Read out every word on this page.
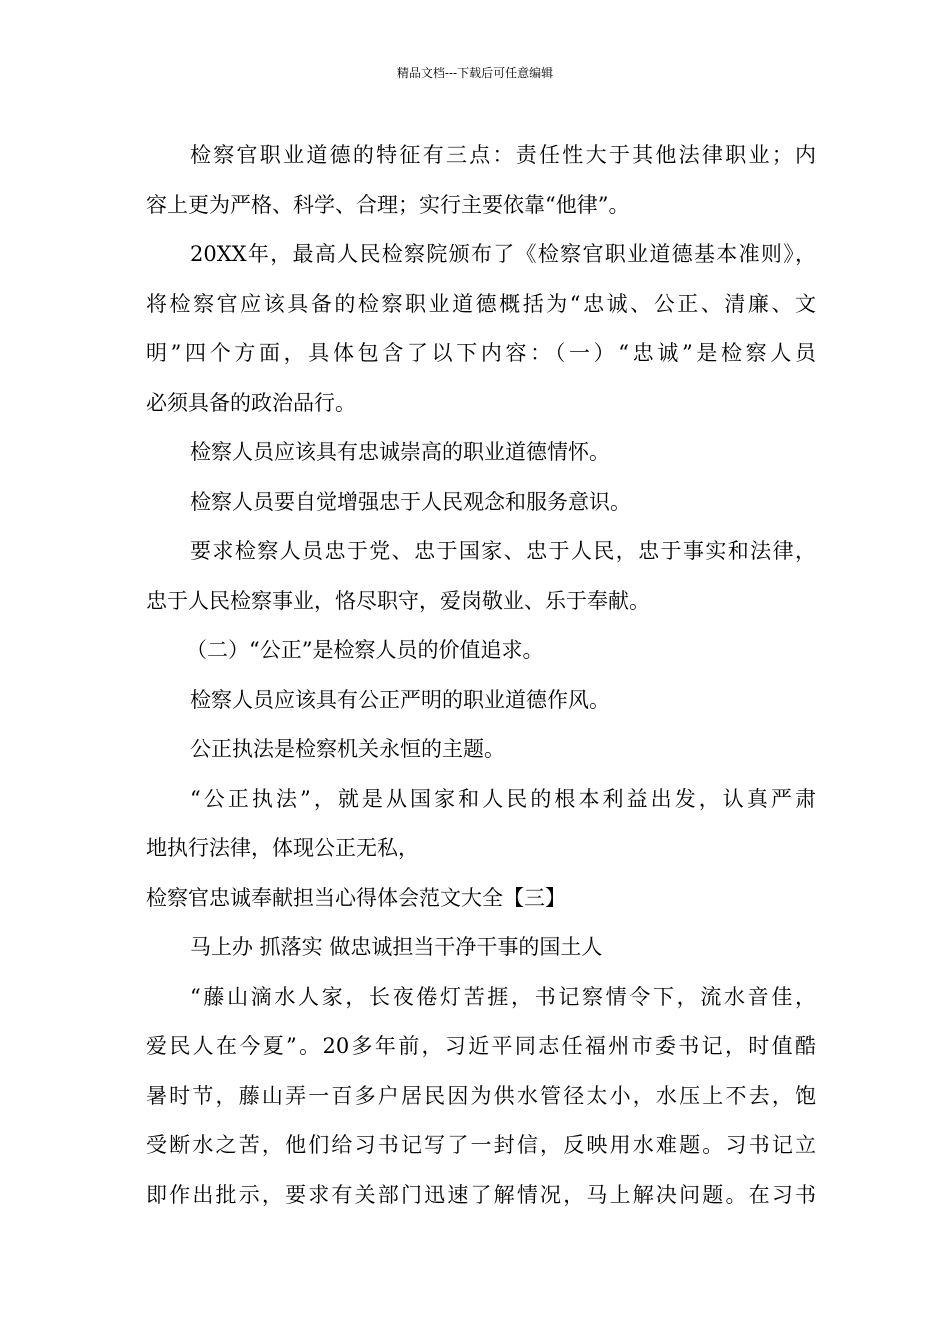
精品文档---下载后可任意编辑
检察官职业道德的特征有三点：责任性大于其他法律职业；内
容上更为严格、科学、合理；实行主要依靠“他律”。
20XX年，最高人民检察院颁布了《检察官职业道德基本准则》，
将检察官应该具备的检察职业道德概括为“忠诚、公正、清廉、文
明”四个方面，具体包含了以下内容：（一）“忠诚”是检察人员
必须具备的政治品行。
检察人员应该具有忠诚崇高的职业道德情怀。
检察人员要自觉增强忠于人民观念和服务意识。
要求检察人员忠于党、忠于国家、忠于人民，忠于事实和法律，
忠于人民检察事业，恪尽职守，爱岗敬业、乐于奉献。
（二）“公正”是检察人员的价值追求。
检察人员应该具有公正严明的职业道德作风。
公正执法是检察机关永恒的主题。
“公正执法”，就是从国家和人民的根本利益出发，认真严肃
地执行法律，体现公正无私，
检察官忠诚奉献担当心得体会范文大全【三】
马上办 抓落实 做忠诚担当干净干事的国土人
“藤山滴水人家，长夜倦灯苦捱，书记察情令下，流水音佳，
爱民人在今夏”。20多年前，习近平同志任福州市委书记，时值酷
暑时节，藤山弄一百多户居民因为供水管径太小，水压上不去，饱
受断水之苦，他们给习书记写了一封信，反映用水难题。习书记立
即作出批示，要求有关部门迅速了解情况，马上解决问题。在习书
